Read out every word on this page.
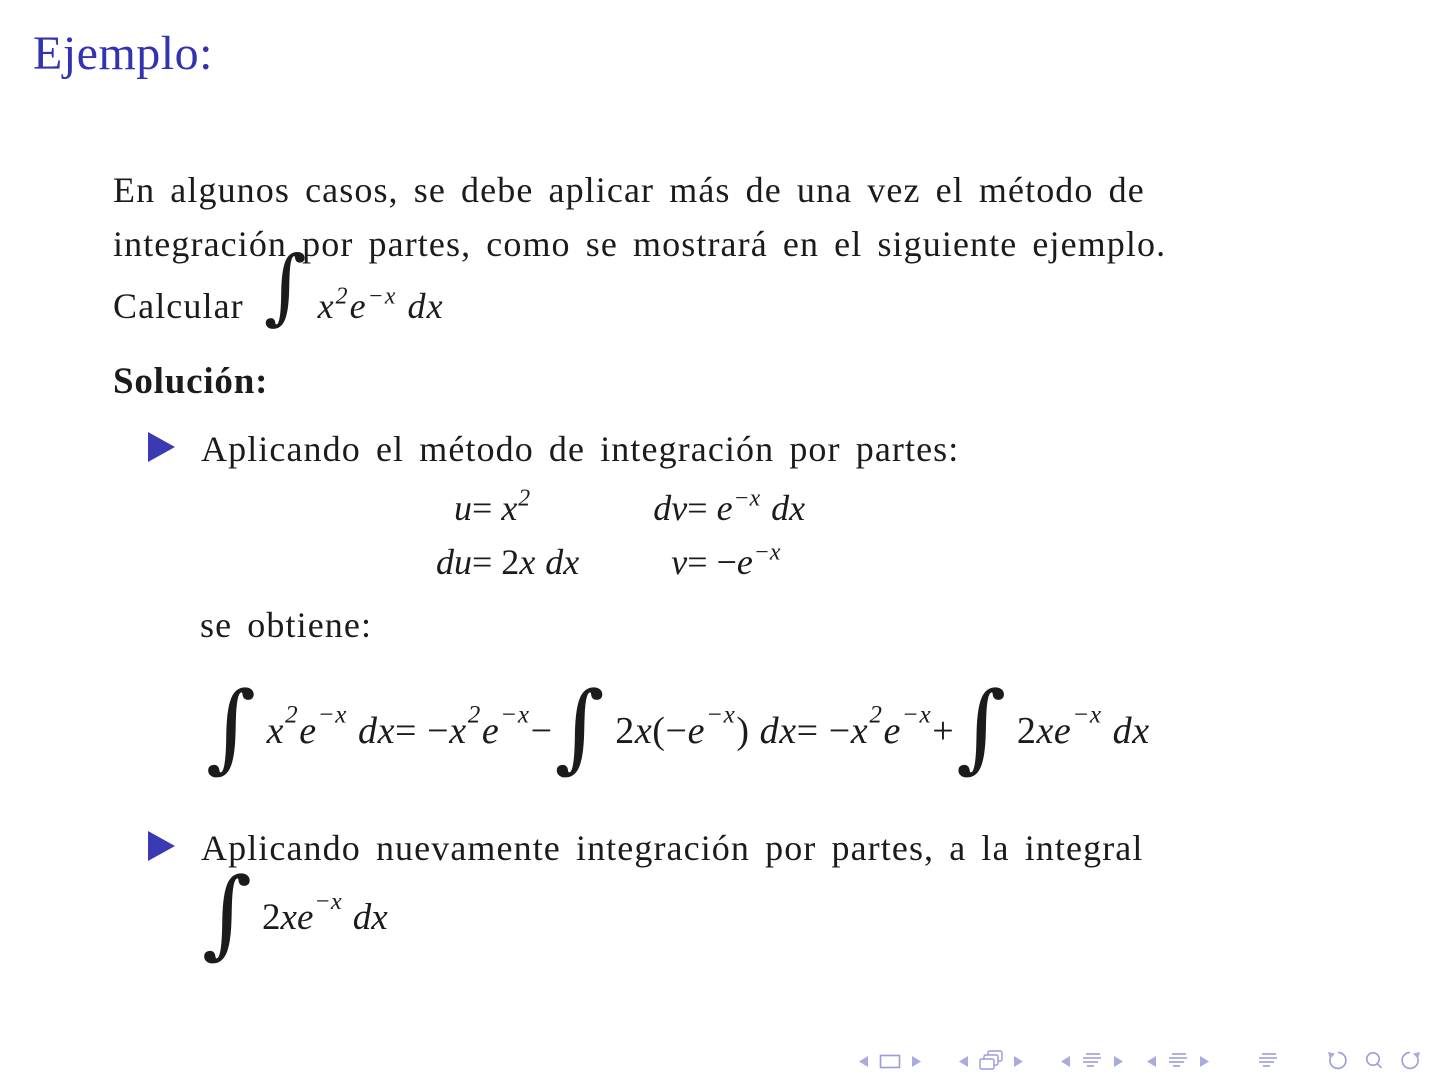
Ejemplo:
En algunos casos, se debe aplicar más de una vez el método de
integración por partes, como se mostrará en el siguiente ejemplo.
Calcular ∫ x2e−x dx
Solución:
Aplicando el método de integración por partes:
u = x2	dv = e−x dx
du = 2x dx	v = −e−x
se obtiene:
∫ x 2 e −x dx = − x 2 e −x − ∫ 2 x (− e −x ) dx = − x 2 e −x + ∫ 2 x e −x dx
Aplicando nuevamente integración por partes, a la integral
∫ 2 x e −x dx
